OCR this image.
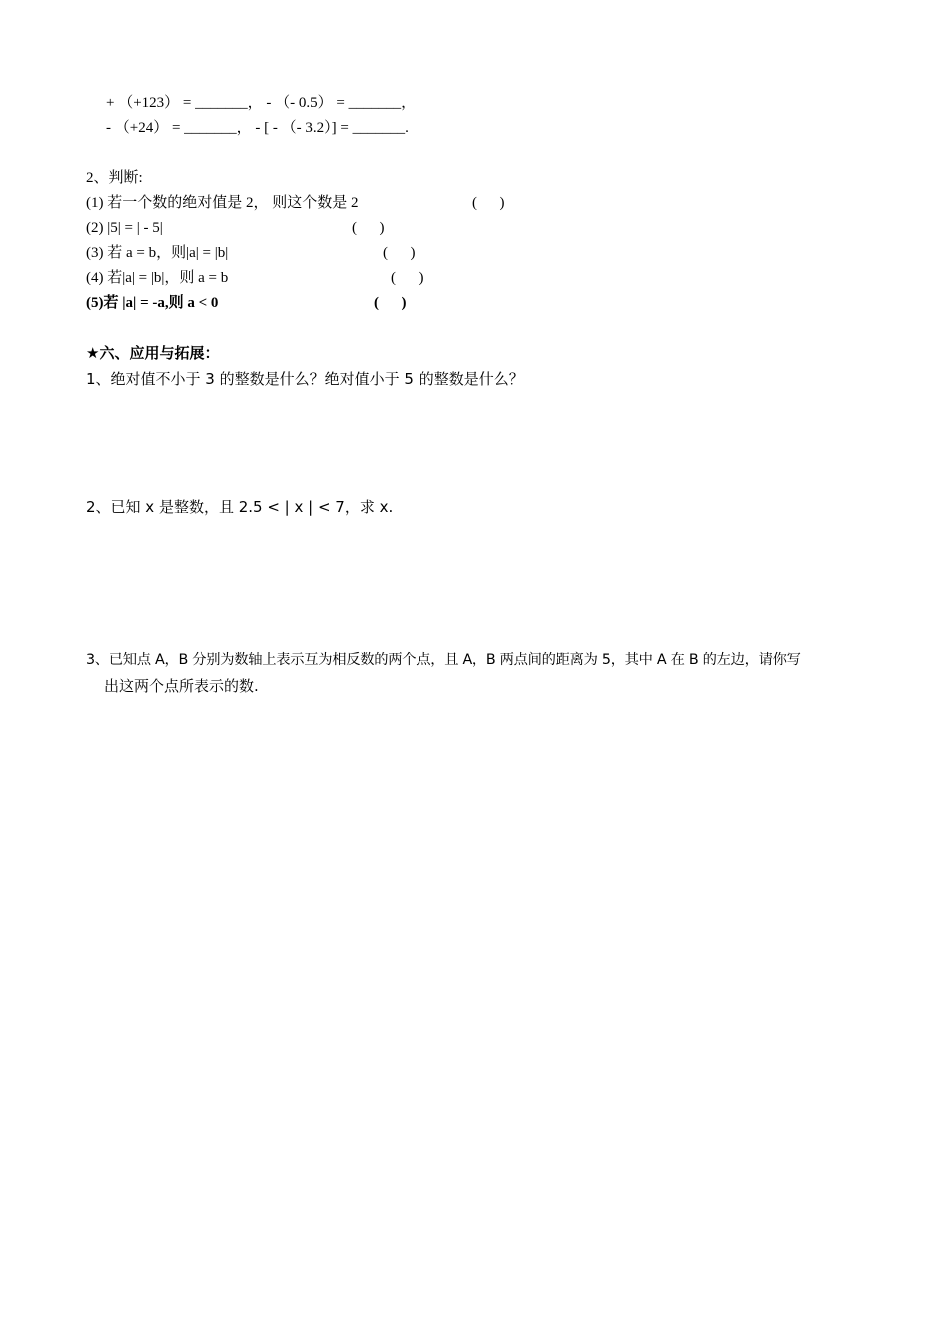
+ （+123） = _______， - （- 0.5） = _______，
- （+24） = _______， - [ - （- 3.2）] = _______.
2、判断:
(1) 若一个数的绝对值是 2， 则这个数是 2	(      )
(2) |5| = | - 5|	(      )
(3) 若 a = b，则|a| = |b|	(      )
(4) 若|a| = |b|，则 a = b	(      )
(5)若 |a| = -a,则 a < 0	(      )
★六、应用与拓展：
1、绝对值不小于 3 的整数是什么？绝对值小于 5 的整数是什么？
2、已知 x 是整数，且 2.5 < | x | < 7，求 x.
3、已知点 A，B 分别为数轴上表示互为相反数的两个点，且 A，B 两点间的距离为 5，其中 A 在 B 的左边，请你写
出这两个点所表示的数.
